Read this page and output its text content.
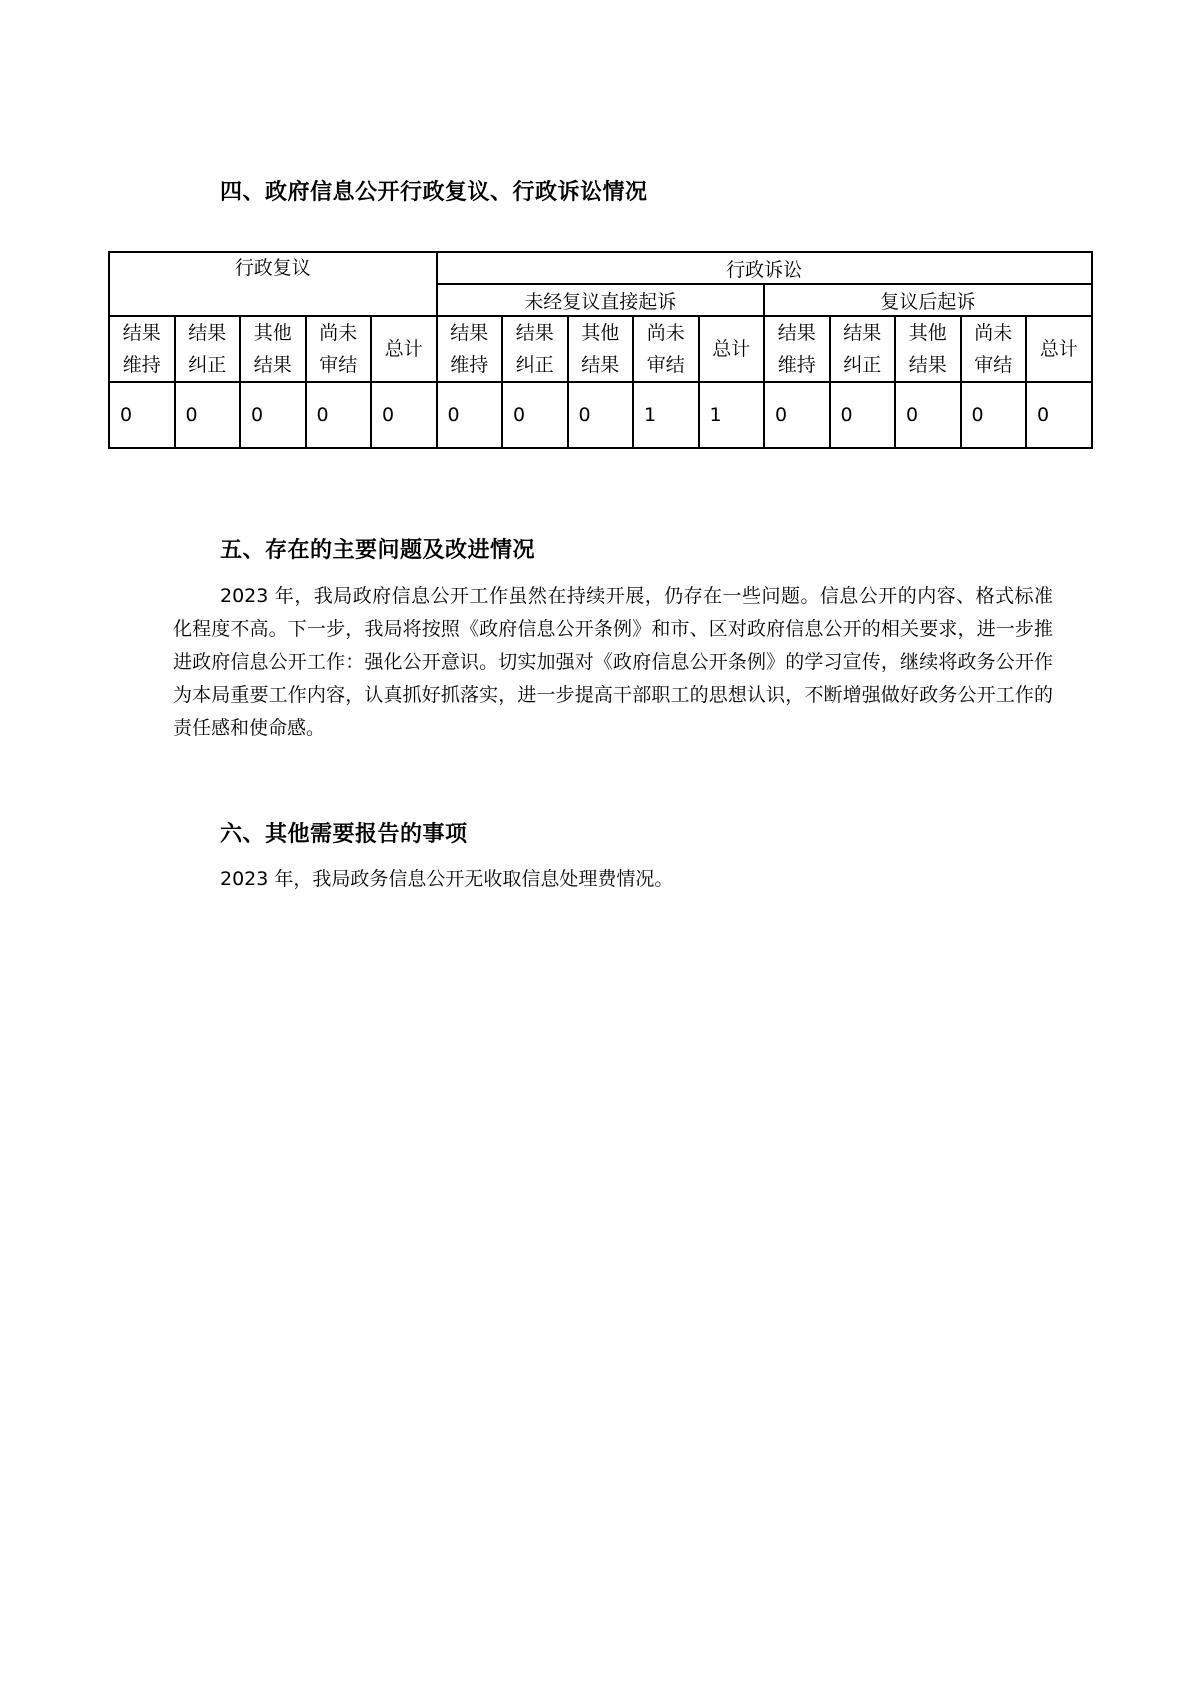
四、政府信息公开行政复议、行政诉讼情况
行政复议					行政诉讼									
					未经复议直接起诉					复议后起诉				
结果维持	结果纠正	其他结果	尚未审结	总计	结果维持	结果纠正	其他结果	尚未审结	总计	结果维持	结果纠正	其他结果	尚未审结	总计
0	0	0	0	0	0	0	0	1	1	0	0	0	0	0
五、存在的主要问题及改进情况

2023 年，我局政府信息公开工作虽然在持续开展，仍存在一些问题。信息公开的内容、格式标准化程度不高。下一步，我局将按照《政府信息公开条例》和市、区对政府信息公开的相关要求，进一步推进政府信息公开工作：强化公开意识。切实加强对《政府信息公开条例》的学习宣传，继续将政务公开作为本局重要工作内容，认真抓好抓落实，进一步提高干部职工的思想认识，不断增强做好政务公开工作的责任感和使命感。

六、其他需要报告的事项

2023 年，我局政务信息公开无收取信息处理费情况。
